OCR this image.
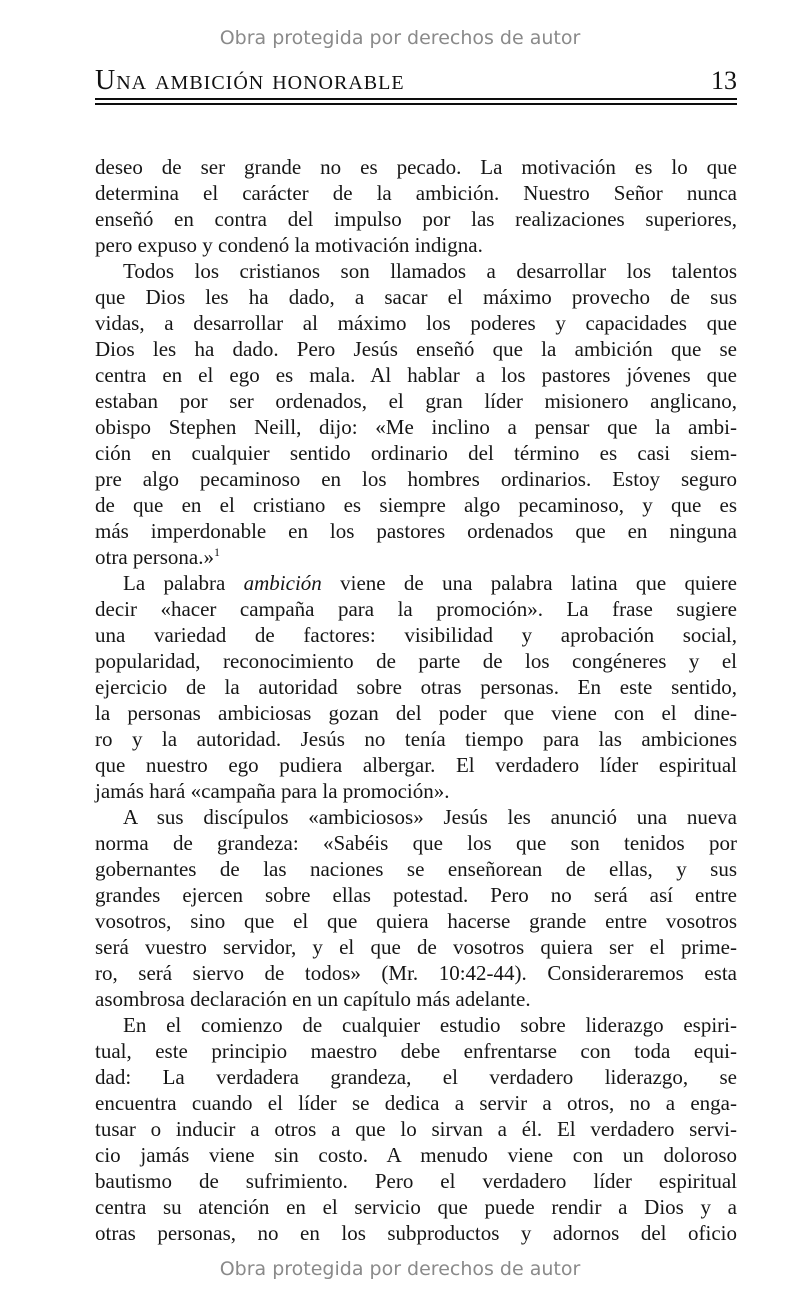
Obra protegida por derechos de autor
Una ambición honorable	13
deseo de ser grande no es pecado. La motivación es lo que
determina el carácter de la ambición. Nuestro Señor nunca
enseñó en contra del impulso por las realizaciones superiores,
pero expuso y condenó la motivación indigna.
Todos los cristianos son llamados a desarrollar los talentos
que Dios les ha dado, a sacar el máximo provecho de sus
vidas, a desarrollar al máximo los poderes y capacidades que
Dios les ha dado. Pero Jesús enseñó que la ambición que se
centra en el ego es mala. Al hablar a los pastores jóvenes que
estaban por ser ordenados, el gran líder misionero anglicano,
obispo Stephen Neill, dijo: «Me inclino a pensar que la ambi-
ción en cualquier sentido ordinario del término es casi siem-
pre algo pecaminoso en los hombres ordinarios. Estoy seguro
de que en el cristiano es siempre algo pecaminoso, y que es
más imperdonable en los pastores ordenados que en ninguna
otra persona.»$^1$
La palabra ambición viene de una palabra latina que quiere
decir «hacer campaña para la promoción». La frase sugiere
una variedad de factores: visibilidad y aprobación social,
popularidad, reconocimiento de parte de los congéneres y el
ejercicio de la autoridad sobre otras personas. En este sentido,
la personas ambiciosas gozan del poder que viene con el dine-
ro y la autoridad. Jesús no tenía tiempo para las ambiciones
que nuestro ego pudiera albergar. El verdadero líder espiritual
jamás hará «campaña para la promoción».
A sus discípulos «ambiciosos» Jesús les anunció una nueva
norma de grandeza: «Sabéis que los que son tenidos por
gobernantes de las naciones se enseñorean de ellas, y sus
grandes ejercen sobre ellas potestad. Pero no será así entre
vosotros, sino que el que quiera hacerse grande entre vosotros
será vuestro servidor, y el que de vosotros quiera ser el prime-
ro, será siervo de todos» (Mr. 10:42-44). Consideraremos esta
asombrosa declaración en un capítulo más adelante.
En el comienzo de cualquier estudio sobre liderazgo espiri-
tual, este principio maestro debe enfrentarse con toda equi-
dad: La verdadera grandeza, el verdadero liderazgo, se
encuentra cuando el líder se dedica a servir a otros, no a enga-
tusar o inducir a otros a que lo sirvan a él. El verdadero servi-
cio jamás viene sin costo. A menudo viene con un doloroso
bautismo de sufrimiento. Pero el verdadero líder espiritual
centra su atención en el servicio que puede rendir a Dios y a
otras personas, no en los subproductos y adornos del oficio
Obra protegida por derechos de autor
